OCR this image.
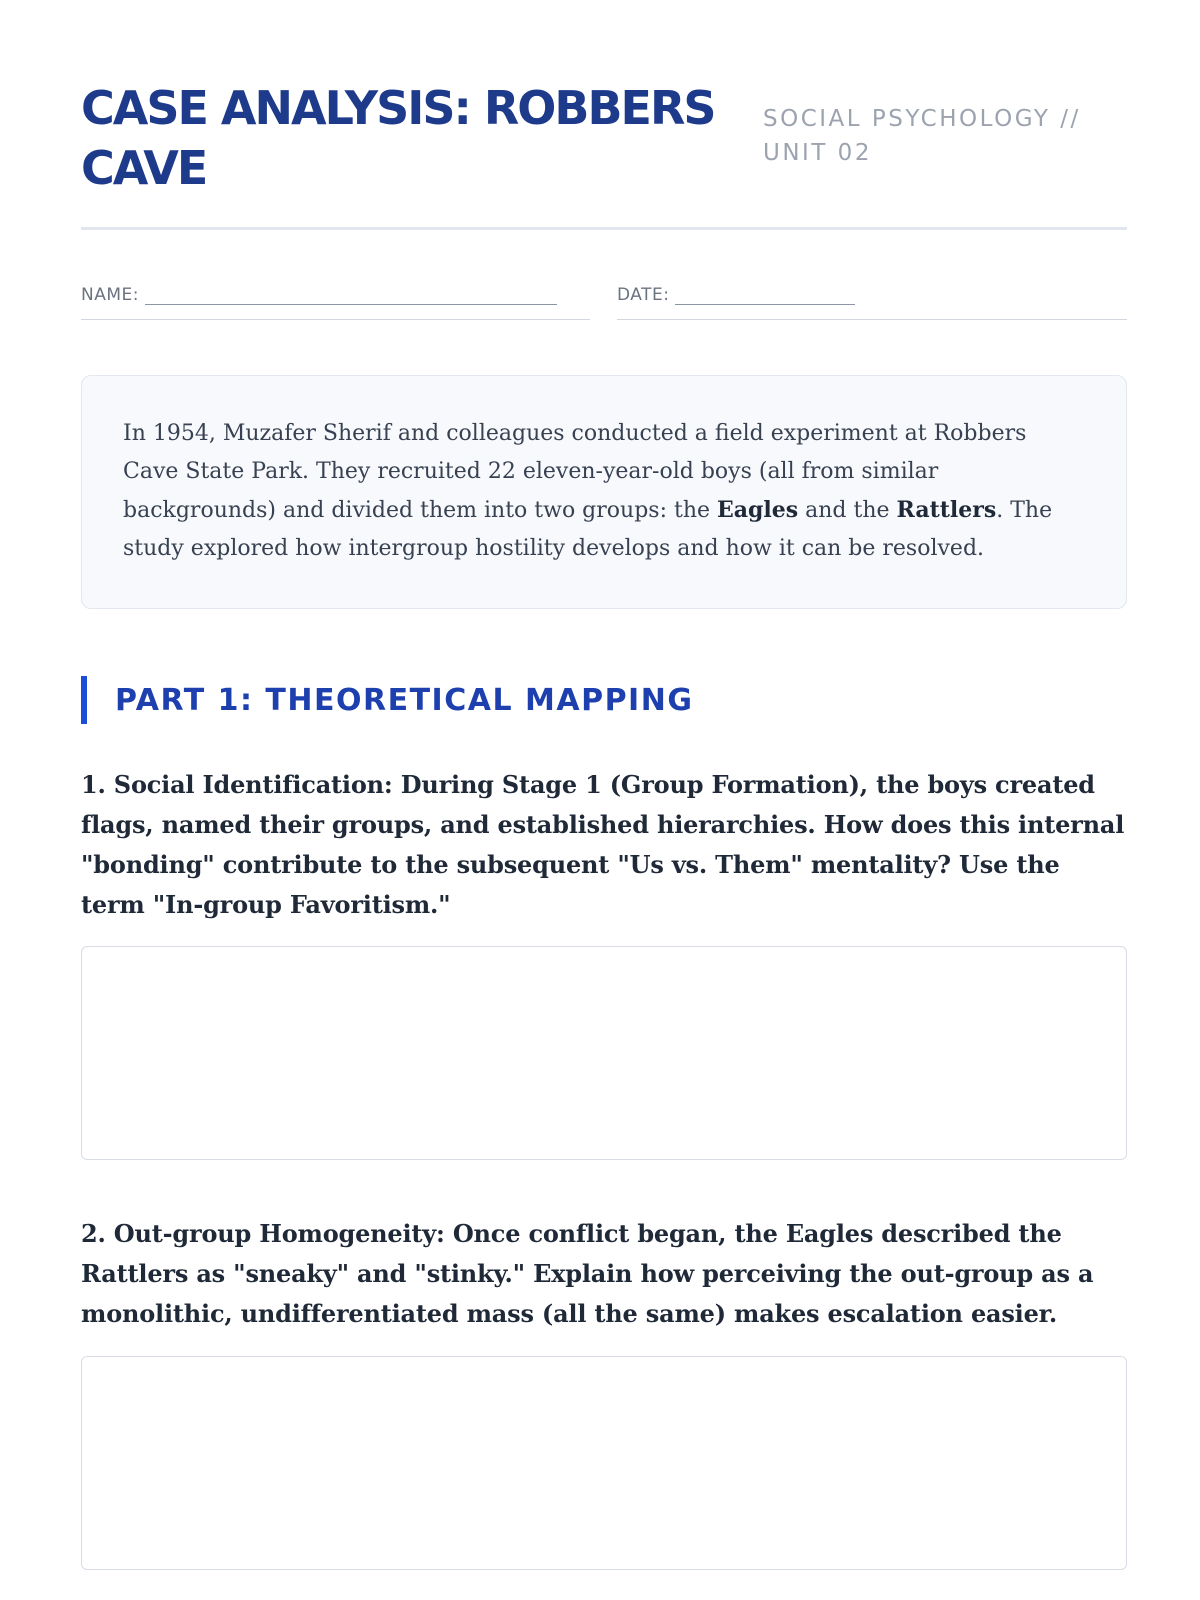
CASE ANALYSIS: ROBBERS CAVE
SOCIAL PSYCHOLOGY // UNIT 02
NAME:	DATE:

In 1954, Muzafer Sherif and colleagues conducted a field experiment at Robbers Cave State Park. They recruited 22 eleven-year-old boys (all from similar backgrounds) and divided them into two groups: the Eagles and the Rattlers. The study explored how intergroup hostility develops and how it can be resolved.

PART 1: THEORETICAL MAPPING
1. Social Identification: During Stage 1 (Group Formation), the boys created flags, named their groups, and established hierarchies. How does this internal "bonding" contribute to the subsequent "Us vs. Them" mentality? Use the term "In-group Favoritism."
2. Out-group Homogeneity: Once conflict began, the Eagles described the Rattlers as "sneaky" and "stinky." Explain how perceiving the out-group as a monolithic, undifferentiated mass (all the same) makes escalation easier.
